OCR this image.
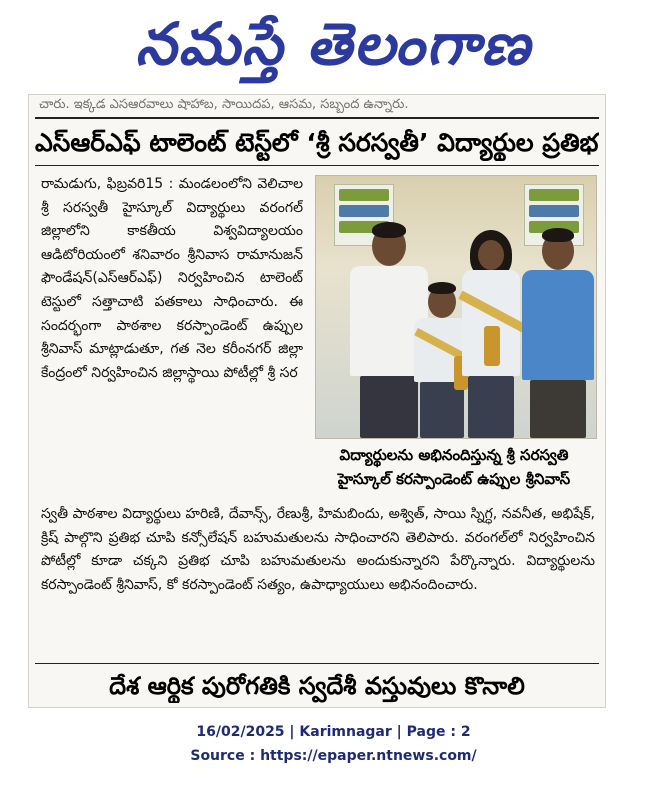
నమస్తే తెలంగాణ
చారు. ఇక్కడ ఎసఆరవాలు షాహాబ, సాయిదప, ఆసమ, సబ్బంద ఉన్నారు.
ఎస్ఆర్ఎఫ్ టాలెంట్ టెస్ట్‌లో ‘శ్రీ సరస్వతీ’ విద్యార్థుల ప్రతిభ

రామడుగు, ఫిబ్రవరి15 : మండలంలోని వెలిచాల శ్రీ సరస్వతీ హైస్కూల్ విద్యార్థులు వరంగల్ జిల్లాలోని కాకతీయ విశ్వవిద్యాలయం ఆడిటోరియంలో శనివారం శ్రీనివాస రామానుజన్ ఫౌండేషన్(ఎస్ఆర్ఎఫ్) నిర్వహించిన టాలెంట్ టెస్టులో సత్తాచాటి పతకాలు సాధించారు. ఈ సందర్భంగా పాఠశాల కరస్పాండెంట్ ఉప్పుల శ్రీనివాస్ మాట్లాడుతూ, గత నెల కరీంనగర్ జిల్లా కేంద్రంలో నిర్వహించిన జిల్లాస్థాయి పోటీల్లో శ్రీ సర

విద్యార్థులను అభినందిస్తున్న శ్రీ సరస్వతి హైస్కూల్ కరస్పాండెంట్ ఉప్పుల శ్రీనివాస్
స్వతీ పాఠశాల విద్యార్థులు హరిణి, దేవాన్స్, రేణుశ్రీ, హిమబిందు, అశ్విత్, సాయి స్నిగ్ధ, నవనీత, అభిషేక్, క్రిష్ పాల్గొని ప్రతిభ చూపి కన్సోలేషన్ బహుమతులను సాధించారని తెలిపారు. వరంగల్‌లో నిర్వహించిన పోటీల్లో కూడా చక్కని ప్రతిభ చూపి బహుమతులను అందుకున్నారని పేర్కొన్నారు. విద్యార్థులను కరస్పాండెంట్ శ్రీనివాస్, కో కరస్పాండెంట్ సత్యం, ఉపాధ్యాయులు అభినందించారు.
దేశ ఆర్థిక పురోగతికి స్వదేశీ వస్తువులు కొనాలి
16/02/2025 | Karimnagar | Page : 2
Source : https://epaper.ntnews.com/
